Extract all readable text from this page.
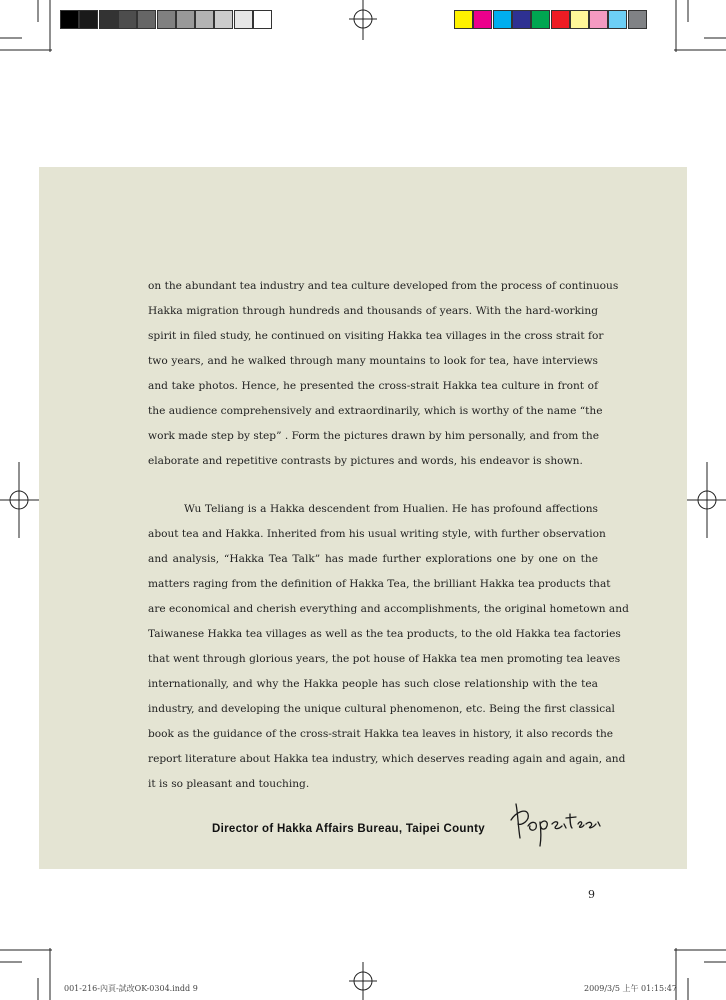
on the abundant tea industry and tea culture developed from the process of continuous
Hakka migration through hundreds and thousands of years. With the hard-working
spirit in filed study, he continued on visiting Hakka tea villages in the cross strait for
two years, and he walked through many mountains to look for tea, have interviews
and take photos. Hence, he presented the cross-strait Hakka tea culture in front of
the audience comprehensively and extraordinarily, which is worthy of the name “the
work made step by step” . Form the pictures drawn by him personally, and from the
elaborate and repetitive contrasts by pictures and words, his endeavor is shown.
Wu Teliang is a Hakka descendent from Hualien. He has profound affections
about tea and Hakka. Inherited from his usual writing style, with further observation
and analysis, “Hakka Tea Talk” has made further explorations one by one on the
matters raging from the definition of Hakka Tea, the brilliant Hakka tea products that
are economical and cherish everything and accomplishments, the original hometown and
Taiwanese Hakka tea villages as well as the tea products, to the old Hakka tea factories
that went through glorious years, the pot house of Hakka tea men promoting tea leaves
internationally, and why the Hakka people has such close relationship with the tea
industry, and developing the unique cultural phenomenon, etc. Being the first classical
book as the guidance of the cross-strait Hakka tea leaves in history, it also records the
report literature about Hakka tea industry, which deserves reading again and again, and
it is so pleasant and touching.
Director of Hakka Affairs Bureau, Taipei County
9
001-216-內頁-試改OK-0304.indd 9	2009/3/5 上午 01:15:47
